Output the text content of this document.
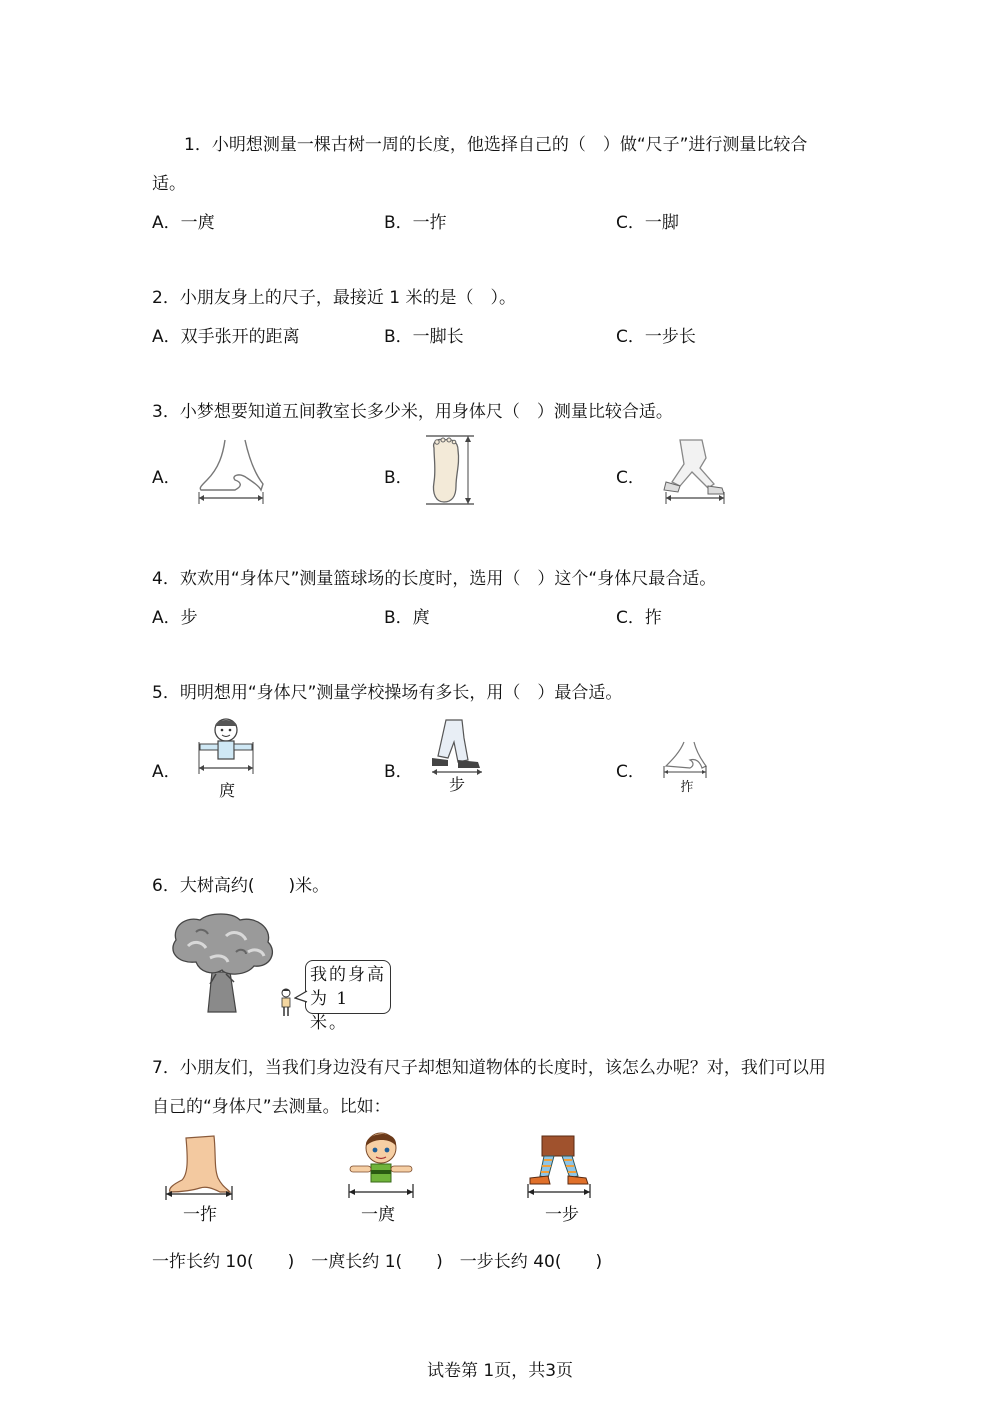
1．小明想测量一棵古树一周的长度，他选择自己的（　）做“尺子”进行测量比较合
适。
A．一庹	B．一拃	C．一脚
2．小朋友身上的尺子，最接近 1 米的是（　）。
A．双手张开的距离	B．一脚长	C．一步长
3．小梦想要知道五间教室长多少米，用身体尺（　）测量比较合适。
A．	B．	C．
4．欢欢用“身体尺”测量篮球场的长度时，选用（　）这个“身体尺最合适。
A．步	B．庹	C．拃
5．明明想用“身体尺”测量学校操场有多长，用（　）最合适。
A．	B．	C．
庹	步	拃
6．大树高约(　　)米。
我的身高
为 1 米。
7．小朋友们，当我们身边没有尺子却想知道物体的长度时，该怎么办呢？对，我们可以用
自己的“身体尺”去测量。比如：
一拃	一庹	一步
一拃长约 10(　　)　一庹长约 1(　　)　一步长约 40(　　)
试卷第 1页，共3页
